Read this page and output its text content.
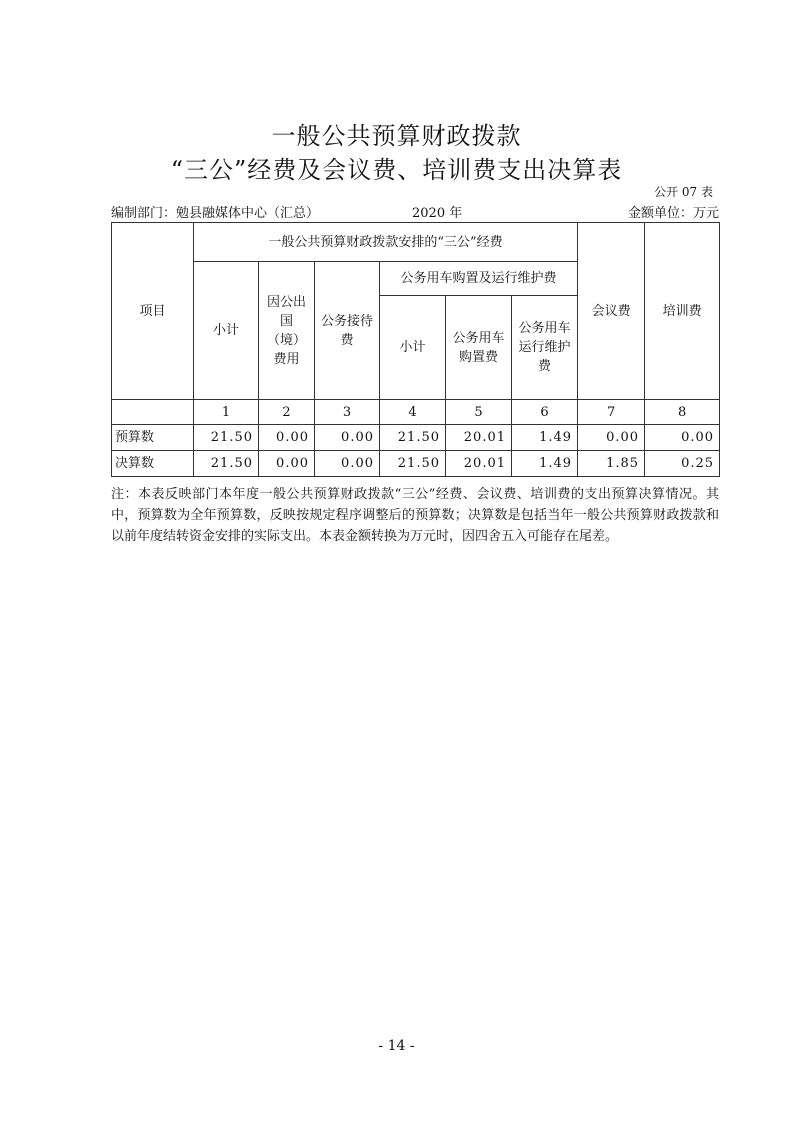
一般公共预算财政拨款
“三公”经费及会议费、培训费支出决算表
公开 07 表
编制部门：勉县融媒体中心（汇总）	2020 年	金额单位：万元
项目	一般公共预算财政拨款安排的“三公”经费						会议费	培训费
	小计	因公出国（境）费用	公务接待费	公务用车购置及运行维护费				
				小计	公务用车购置费	公务用车运行维护费		

	1	2	3	4	5	6	7	8
预算数	21.50	0.00	0.00	21.50	20.01	1.49	0.00	0.00
决算数	21.50	0.00	0.00	21.50	20.01	1.49	1.85	0.25
注：本表反映部门本年度一般公共预算财政拨款“三公”经费、会议费、培训费的支出预算决算情况。其中，预算数为全年预算数，反映按规定程序调整后的预算数；决算数是包括当年一般公共预算财政拨款和以前年度结转资金安排的实际支出。本表金额转换为万元时，因四舍五入可能存在尾差。
- 14 -
